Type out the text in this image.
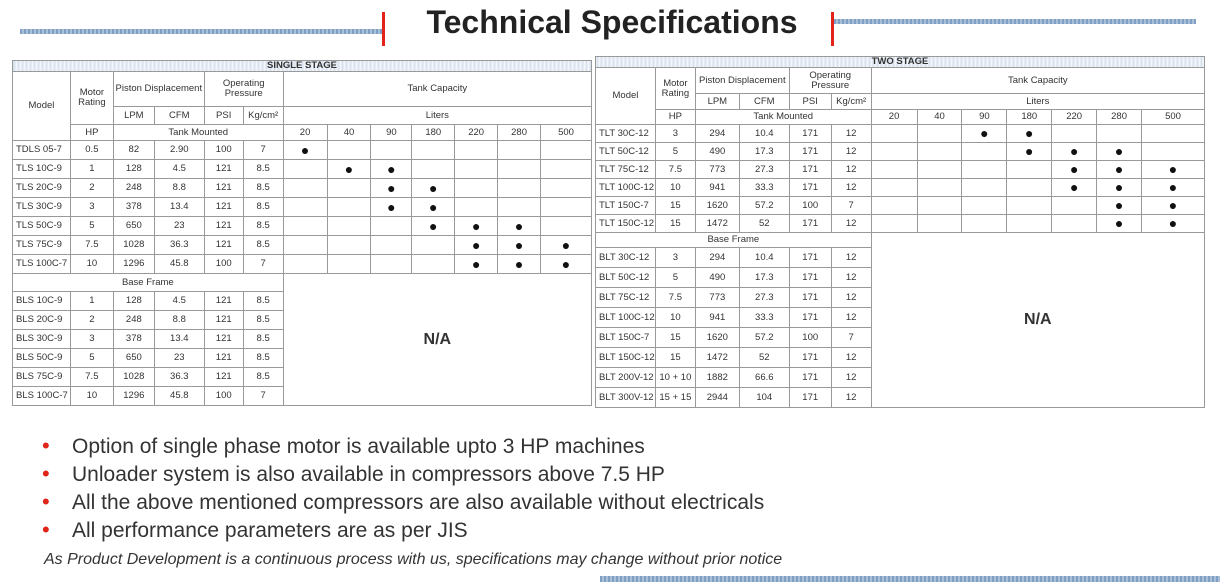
Technical Specifications
SINGLE STAGE												
Model	Motor Rating	Piston Displacement		Operating Pressure		Tank Capacity						
		LPM	CFM	PSI	Kg/cm²	Liters						
	HP	Tank Mounted				20	40	90	180	220	280	500
TDLS 05-7	0.5	82	2.90	100	7	●						
TLS 10C-9	1	128	4.5	121	8.5		●	●				
TLS 20C-9	2	248	8.8	121	8.5			●	●			
TLS 30C-9	3	378	13.4	121	8.5			●	●			
TLS 50C-9	5	650	23	121	8.5				●	●	●	
TLS 75C-9	7.5	1028	36.3	121	8.5					●	●	●
TLS 100C-7	10	1296	45.8	100	7					●	●	●
Base Frame						N/A						
BLS 10C-9	1	128	4.5	121	8.5							
BLS 20C-9	2	248	8.8	121	8.5							
BLS 30C-9	3	378	13.4	121	8.5							
BLS 50C-9	5	650	23	121	8.5							
BLS 75C-9	7.5	1028	36.3	121	8.5							
BLS 100C-7	10	1296	45.8	100	7							
TWO STAGE												
Model	Motor Rating	Piston Displacement		Operating Pressure		Tank Capacity						
		LPM	CFM	PSI	Kg/cm²	Liters						
	HP	Tank Mounted				20	40	90	180	220	280	500
TLT 30C-12	3	294	10.4	171	12			●	●			
TLT 50C-12	5	490	17.3	171	12				●	●	●	
TLT 75C-12	7.5	773	27.3	171	12					●	●	●
TLT 100C-12	10	941	33.3	171	12					●	●	●
TLT 150C-7	15	1620	57.2	100	7						●	●
TLT 150C-12	15	1472	52	171	12						●	●
Base Frame						N/A						
BLT 30C-12	3	294	10.4	171	12							
BLT 50C-12	5	490	17.3	171	12							
BLT 75C-12	7.5	773	27.3	171	12							
BLT 100C-12	10	941	33.3	171	12							
BLT 150C-7	15	1620	57.2	100	7							
BLT 150C-12	15	1472	52	171	12							
BLT 200V-12	10 + 10	1882	66.6	171	12							
BLT 300V-12	15 + 15	2944	104	171	12							
• Option of single phase motor is available upto 3 HP machines
• Unloader system is also available in compressors above 7.5 HP
• All the above mentioned compressors are also available without electricals
• All performance parameters are as per JIS

As Product Development is a continuous process with us, specifications may change without prior notice
